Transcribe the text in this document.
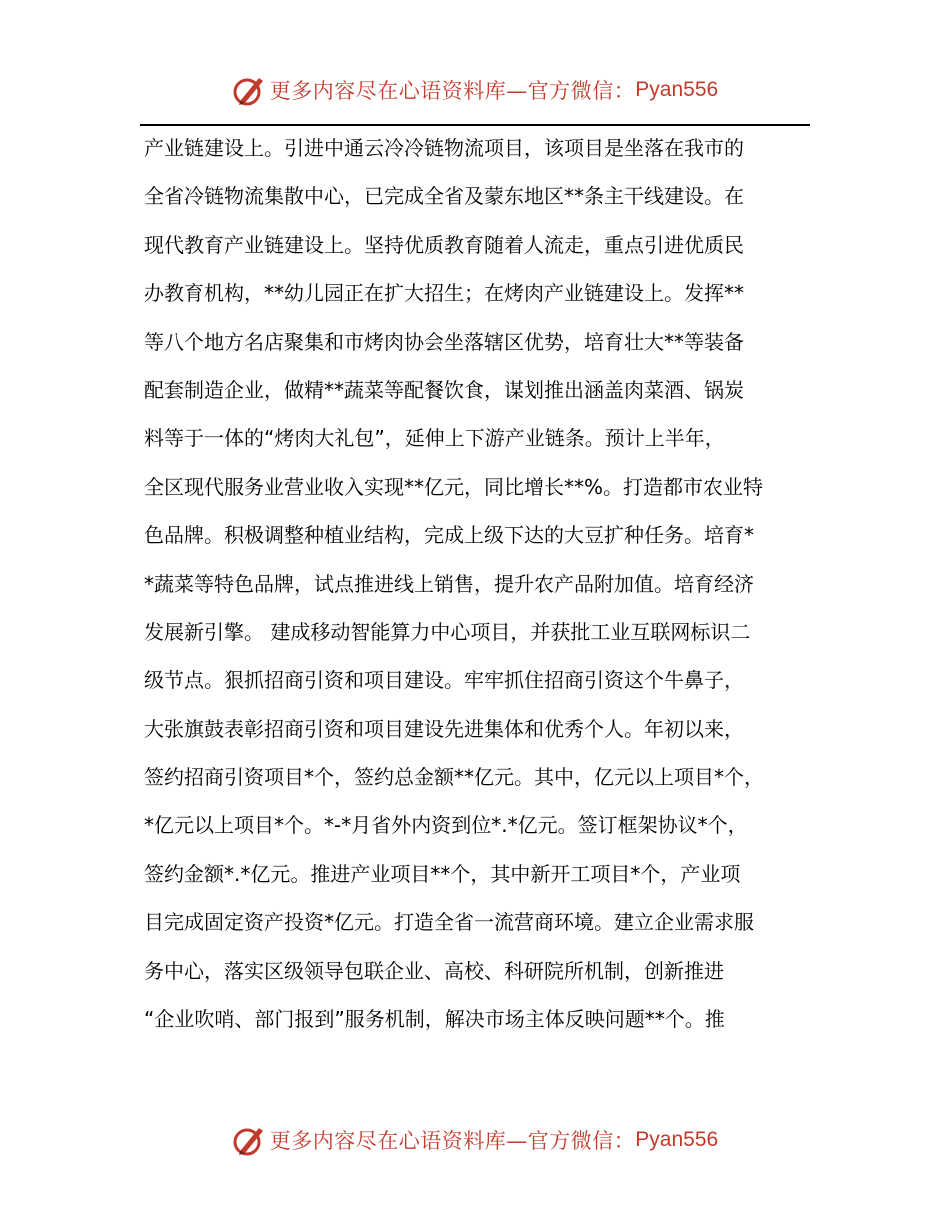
更多内容尽在心语资料库—官方微信： Pyan556
产业链建设上。引进中通云冷冷链物流项目，该项目是坐落在我市的
全省冷链物流集散中心，已完成全省及蒙东地区**条主干线建设。在
现代教育产业链建设上。坚持优质教育随着人流走，重点引进优质民
办教育机构，**幼儿园正在扩大招生；在烤肉产业链建设上。发挥**
等八个地方名店聚集和市烤肉协会坐落辖区优势，培育壮大**等装备
配套制造企业，做精**蔬菜等配餐饮食，谋划推出涵盖肉菜酒、锅炭
料等于一体的“烤肉大礼包”，延伸上下游产业链条。预计上半年，
全区现代服务业营业收入实现**亿元，同比增长**%。打造都市农业特
色品牌。积极调整种植业结构，完成上级下达的大豆扩种任务。培育*
*蔬菜等特色品牌，试点推进线上销售，提升农产品附加值。培育经济
发展新引擎。 建成移动智能算力中心项目，并获批工业互联网标识二
级节点。狠抓招商引资和项目建设。牢牢抓住招商引资这个牛鼻子，
大张旗鼓表彰招商引资和项目建设先进集体和优秀个人。年初以来，
签约招商引资项目*个，签约总金额**亿元。其中，亿元以上项目*个，
*亿元以上项目*个。*-*月省外内资到位*.*亿元。签订框架协议*个，
签约金额*.*亿元。推进产业项目**个，其中新开工项目*个，产业项
目完成固定资产投资*亿元。打造全省一流营商环境。建立企业需求服
务中心，落实区级领导包联企业、高校、科研院所机制，创新推进
“企业吹哨、部门报到”服务机制，解决市场主体反映问题**个。推
更多内容尽在心语资料库—官方微信： Pyan556
